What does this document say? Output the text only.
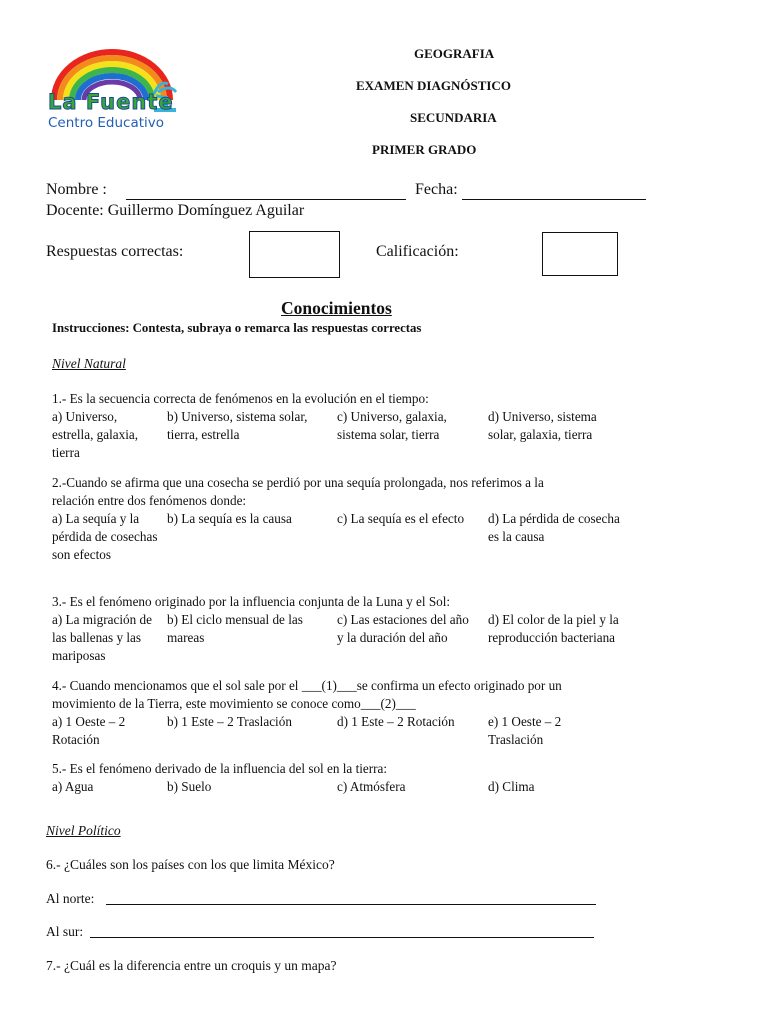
La Fuente
Centro Educativo
GEOGRAFIA
EXAMEN DIAGNÓSTICO
SECUNDARIA
PRIMER GRADO
Nombre :	Fecha:
Docente: Guillermo Domínguez Aguilar
Respuestas correctas:	Calificación:
Conocimientos
Instrucciones: Contesta, subraya o remarca las respuestas correctas
Nivel Natural
1.- Es la secuencia correcta de fenómenos en la evolución en el tiempo:
a) Universo, estrella, galaxia, tierra
b) Universo, sistema solar, tierra, estrella
c) Universo, galaxia, sistema solar, tierra
d) Universo, sistema solar, galaxia, tierra
2.-Cuando se afirma que una cosecha se perdió por una sequía prolongada, nos referimos a la
relación entre dos fenómenos donde:
a) La sequía y la pérdida de cosechas son efectos
b) La sequía es la causa	c) La sequía es el efecto	d) La pérdida de cosecha es la causa
3.- Es el fenómeno originado por la influencia conjunta de la Luna y el Sol:
a) La migración de las ballenas y las mariposas
b) El ciclo mensual de las mareas
c) Las estaciones del año y la duración del año
d) El color de la piel y la reproducción bacteriana
4.- Cuando mencionamos que el sol sale por el ___(1)___se confirma un efecto originado por un
movimiento de la Tierra, este movimiento se conoce como___(2)___
a) 1 Oeste – 2 Rotación
b) 1 Este – 2 Traslación	d) 1 Este – 2 Rotación	e) 1 Oeste – 2 Traslación
5.- Es el fenómeno derivado de la influencia del sol en la tierra:
a) Agua	b) Suelo	c) Atmósfera	d) Clima
Nivel Político
6.- ¿Cuáles son los países con los que limita México?
Al norte:
Al sur:
7.- ¿Cuál es la diferencia entre un croquis y un mapa?
